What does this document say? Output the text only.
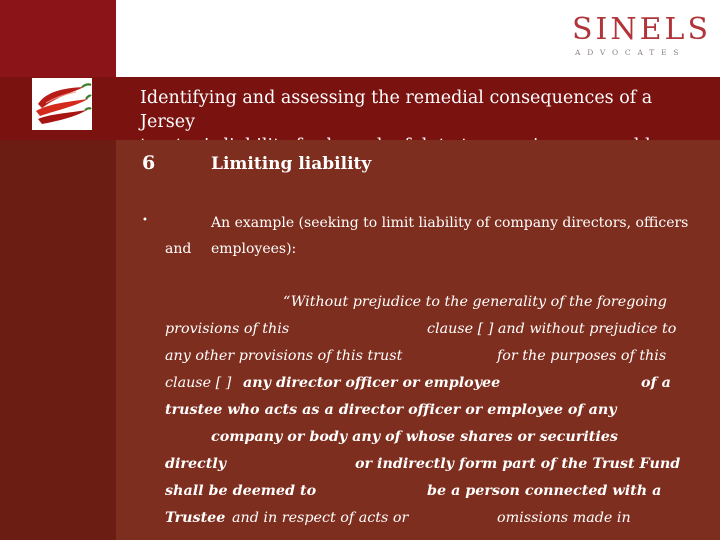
SINELS
ADVOCATES
Identifying and assessing the remedial consequences of a Jersey
6	Limiting liability
•	An example (seeking to limit liability of company directors, officers
and employees):
“Without prejudice to the generality of the foregoing
provisions of this	clause [ ] and without prejudice to
any other provisions of this trust	for the purposes of this
clause [ ] any director officer or employee	of a
trustee who acts as a director officer or employee of any
company or body any of whose shares or securities
directly	or indirectly form part of the Trust Fund
shall be deemed to	be a person connected with a
Trustee and in respect of acts or	omissions made in
